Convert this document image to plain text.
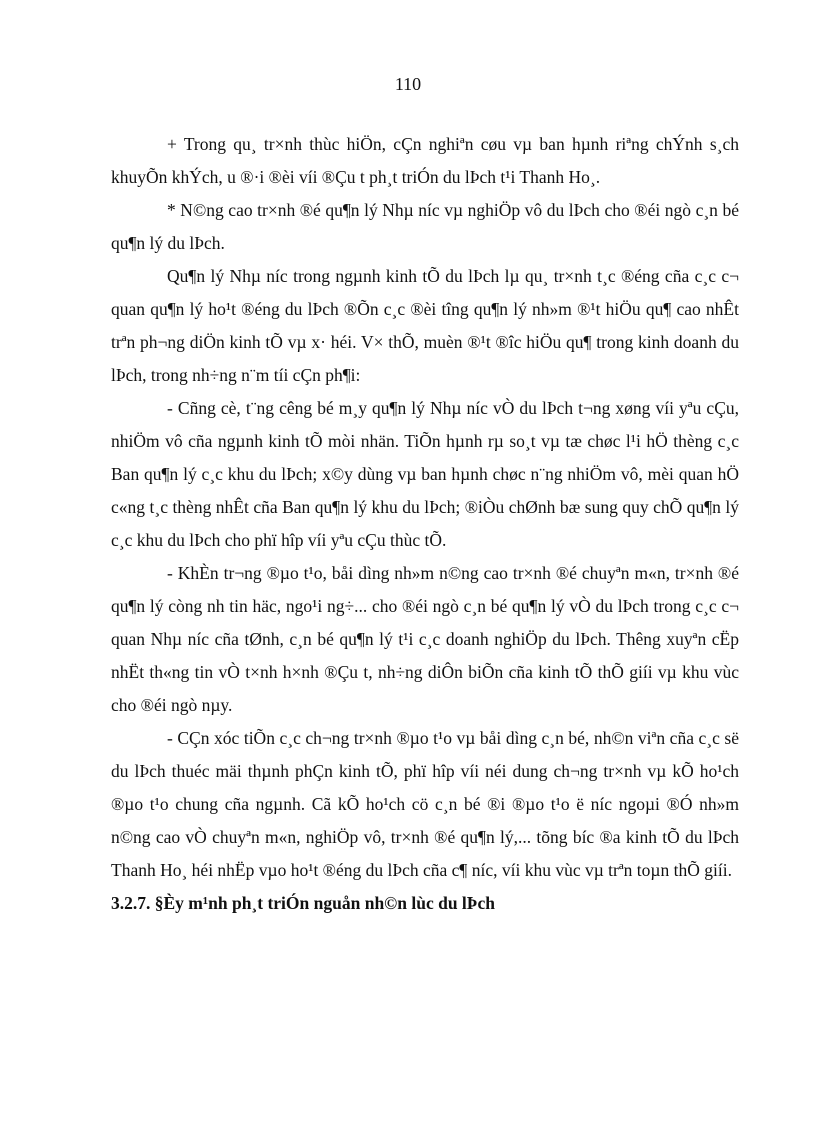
110

+ Trong qu¸ tr×nh thùc hiÖn, cÇn nghiªn cøu vµ ban hµnh riªng chÝnh s¸ch khuyÕn khÝch, u ®·i ®èi víi ®Çu t ph¸t triÓn du lÞch t¹i Thanh Ho¸.

* N©ng cao tr×nh ®é qu¶n lý Nhµ níc vµ nghiÖp vô du lÞch cho ®éi ngò c¸n bé qu¶n lý du lÞch.

Qu¶n lý Nhµ níc trong ngµnh kinh tÕ du lÞch lµ qu¸ tr×nh t¸c ®éng cña c¸c c¬ quan qu¶n lý ho¹t ®éng du lÞch ®Õn c¸c ®èi tîng qu¶n lý nh»m ®¹t hiÖu qu¶ cao nhÊt trªn ph¬ng diÖn kinh tÕ vµ x· héi. V× thÕ, muèn ®¹t ®îc hiÖu qu¶ trong kinh doanh du lÞch, trong nh÷ng n¨m tíi cÇn ph¶i:

- Cñng cè, t¨ng cêng bé m¸y qu¶n lý Nhµ níc vÒ du lÞch t¬ng xøng víi yªu cÇu, nhiÖm vô cña ngµnh kinh tÕ mòi nhän. TiÕn hµnh rµ so¸t vµ tæ chøc l¹i hÖ thèng c¸c Ban qu¶n lý c¸c khu du lÞch; x©y dùng vµ ban hµnh chøc n¨ng nhiÖm vô, mèi quan hÖ c«ng t¸c thèng nhÊt cña Ban qu¶n lý khu du lÞch; ®iÒu chØnh bæ sung quy chÕ qu¶n lý c¸c khu du lÞch cho phï hîp víi yªu cÇu thùc tÕ.

- KhÈn tr¬ng ®µo t¹o, båi dìng nh»m n©ng cao tr×nh ®é chuyªn m«n, tr×nh ®é qu¶n lý còng nh tin häc, ngo¹i ng÷... cho ®éi ngò c¸n bé qu¶n lý vÒ du lÞch trong c¸c c¬ quan Nhµ níc cña tØnh, c¸n bé qu¶n lý t¹i c¸c doanh nghiÖp du lÞch. Thêng xuyªn cËp nhËt th«ng tin vÒ t×nh h×nh ®Çu t, nh÷ng diÔn biÕn cña kinh tÕ thÕ giíi vµ khu vùc cho ®éi ngò nµy.

- CÇn xóc tiÕn c¸c ch¬ng tr×nh ®µo t¹o vµ båi dìng c¸n bé, nh©n viªn cña c¸c së du lÞch thuéc mäi thµnh phÇn kinh tÕ, phï hîp víi néi dung ch¬ng tr×nh vµ kÕ ho¹ch ®µo t¹o chung cña ngµnh. Cã kÕ ho¹ch cö c¸n bé ®i ®µo t¹o ë níc ngoµi ®Ó nh»m n©ng cao vÒ chuyªn m«n, nghiÖp vô, tr×nh ®é qu¶n lý,... tõng bíc ®a kinh tÕ du lÞch Thanh Ho¸ héi nhËp vµo ho¹t ®éng du lÞch cña c¶ níc, víi khu vùc vµ trªn toµn thÕ giíi.

3.2.7. §Èy m¹nh ph¸t triÓn nguån nh©n lùc du lÞch
